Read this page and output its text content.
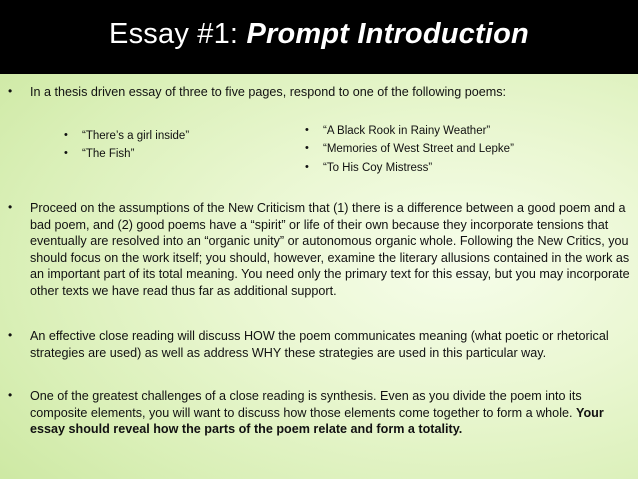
Essay #1: Prompt Introduction
• In a thesis driven essay of three to five pages, respond to one of the following poems:
• “There’s a girl inside”
• “The Fish”
• “A Black Rook in Rainy Weather”
• “Memories of West Street and Lepke”
• “To His Coy Mistress”
• Proceed on the assumptions of the New Criticism that (1) there is a difference between a good poem and a bad poem, and (2) good poems have a “spirit” or life of their own because they incorporate tensions that eventually are resolved into an “organic unity” or autonomous organic whole. Following the New Critics, you should focus on the work itself; you should, however, examine the literary allusions contained in the work as an important part of its total meaning. You need only the primary text for this essay, but you may incorporate other texts we have read thus far as additional support.
• An effective close reading will discuss HOW the poem communicates meaning (what poetic or rhetorical strategies are used) as well as address WHY these strategies are used in this particular way.
• One of the greatest challenges of a close reading is synthesis. Even as you divide the poem into its composite elements, you will want to discuss how those elements come together to form a whole. Your essay should reveal how the parts of the poem relate and form a totality.
